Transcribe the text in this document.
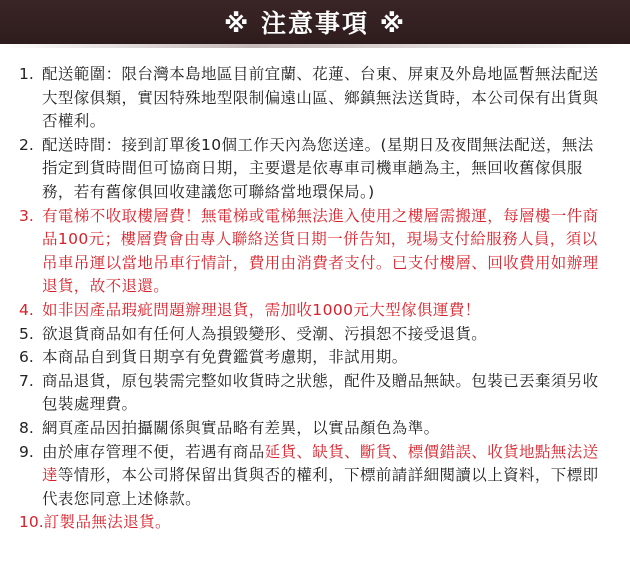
※ 注意事項 ※
1. 配送範圍：限台灣本島地區目前宜蘭、花蓮、台東、屏東及外島地區暫無法配送大型傢俱類，實因特殊地型限制偏遠山區、鄉鎮無法送貨時，本公司保有出貨與否權利。
2. 配送時間：接到訂單後10個工作天內為您送達。(星期日及夜間無法配送，無法指定到貨時間但可協商日期，主要還是依專車司機車趟為主，無回收舊傢俱服務，若有舊傢俱回收建議您可聯絡當地環保局。)
3. 有電梯不收取樓層費！無電梯或電梯無法進入使用之樓層需搬運，每層樓一件商品100元；樓層費會由專人聯絡送貨日期一併告知，現場支付給服務人員，須以吊車吊運以當地吊車行情計，費用由消費者支付。已支付樓層、回收費用如辦理退貨，故不退還。
4. 如非因產品瑕疵問題辦理退貨，需加收1000元大型傢俱運費！
5. 欲退貨商品如有任何人為損毀變形、受潮、污損恕不接受退貨。
6. 本商品自到貨日期享有免費鑑賞考慮期，非試用期。
7. 商品退貨，原包裝需完整如收貨時之狀態，配件及贈品無缺。包裝已丟棄須另收包裝處理費。
8. 網頁產品因拍攝關係與實品略有差異，以實品顏色為準。
9. 由於庫存管理不便，若遇有商品延貨、缺貨、斷貨、標價錯誤、收貨地點無法送達等情形，本公司將保留出貨與否的權利，下標前請詳細閱讀以上資料，下標即代表您同意上述條款。
10. 訂製品無法退貨。
